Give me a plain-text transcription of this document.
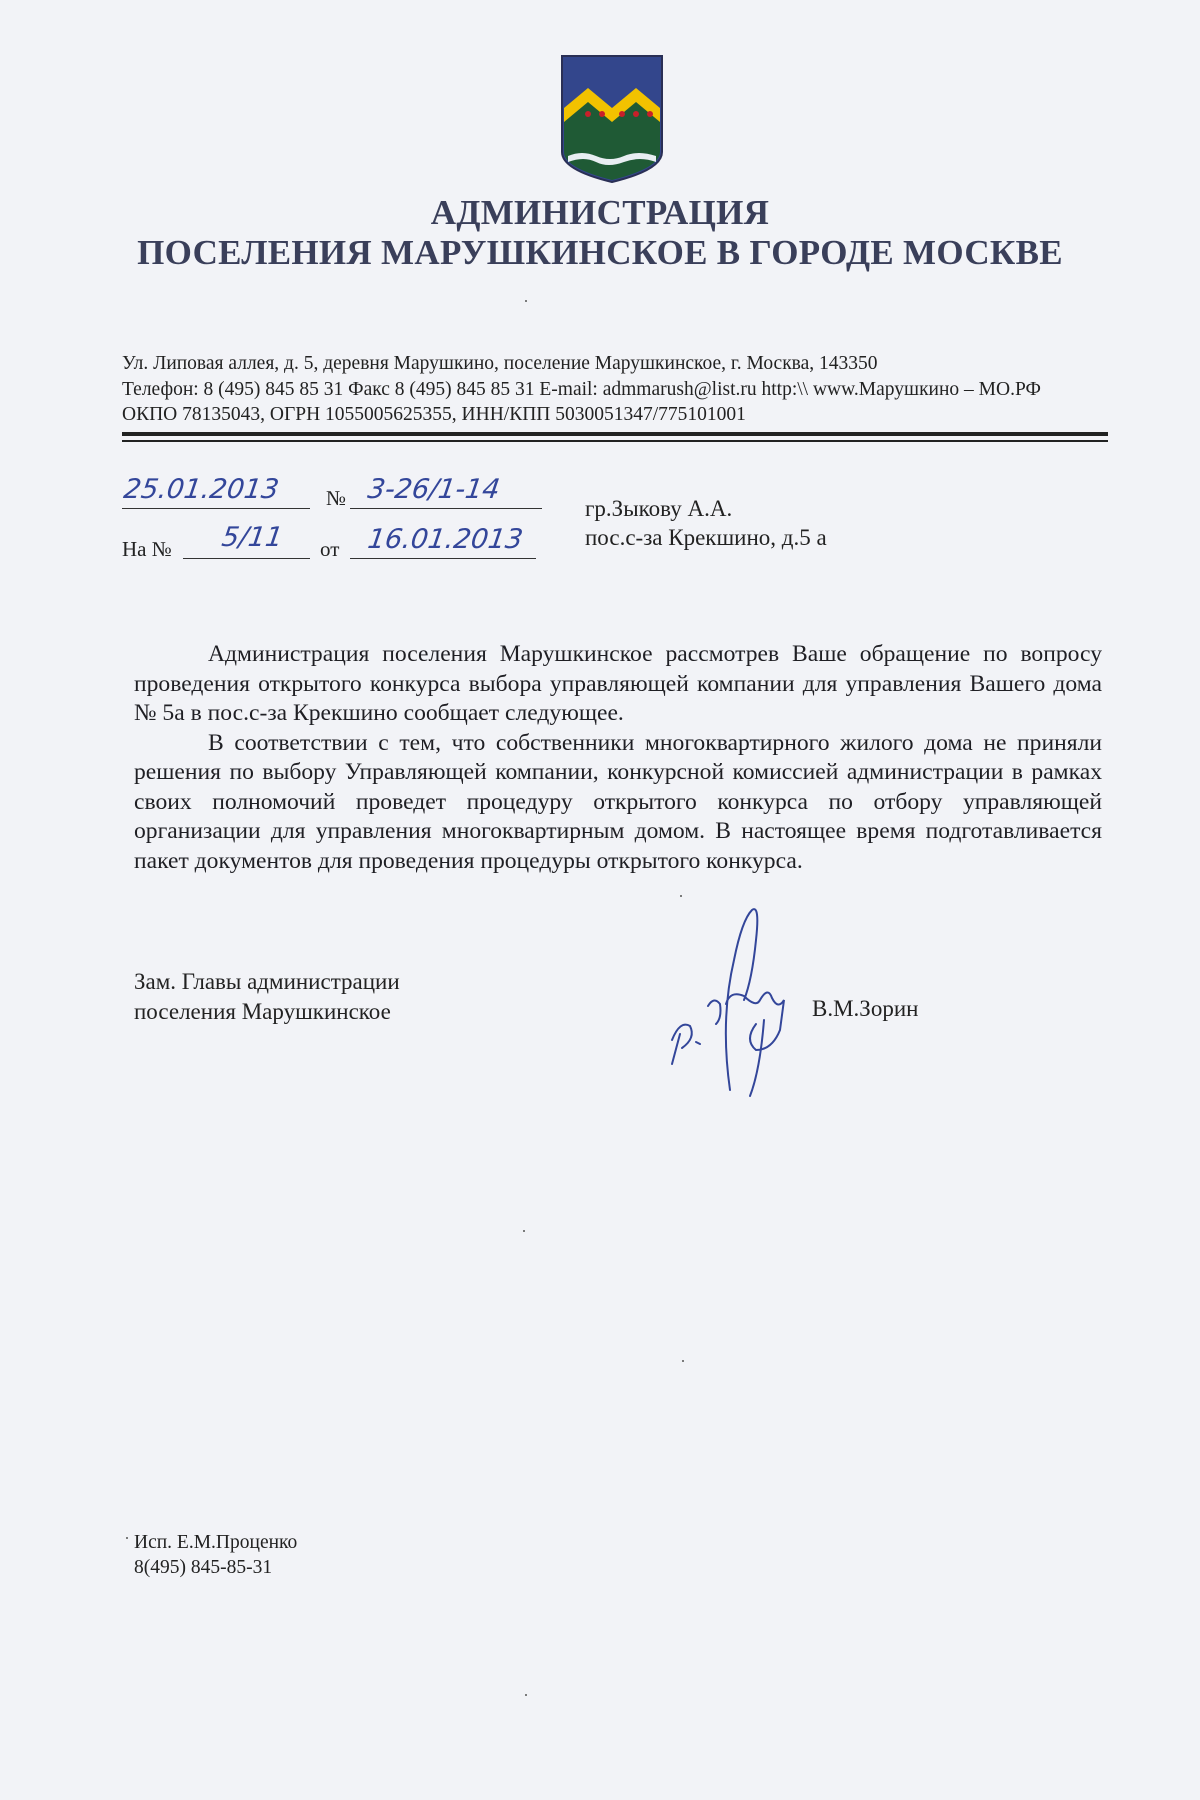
АДМИНИСТРАЦИЯ
ПОСЕЛЕНИЯ МАРУШКИНСКОЕ В ГОРОДЕ МОСКВЕ
Ул. Липовая аллея, д. 5, деревня Марушкино, поселение Марушкинское, г. Москва, 143350
Телефон: 8 (495) 845 85 31 Факс 8 (495) 845 85 31 E-mail: admmarush@list.ru http:\\ www.Марушкино – МО.РФ
ОКПО 78135043, ОГРН 1055005625355, ИНН/КПП 5030051347/775101001
25.01.2013 № 3-26/1-14
На № 5/11 от 16.01.2013
гр.Зыкову А.А.
пос.с-за Крекшино, д.5 а

Администрация поселения Марушкинское рассмотрев Ваше обращение по вопросу проведения открытого конкурса выбора управляющей компании для управления Вашего дома № 5а в пос.с-за Крекшино сообщает следующее.

В соответствии с тем, что собственники многоквартирного жилого дома не приняли решения по выбору Управляющей компании, конкурсной комиссией администрации в рамках своих полномочий проведет процедуру открытого конкурса по отбору управляющей организации для управления многоквартирным домом. В настоящее время подготавливается пакет документов для проведения процедуры открытого конкурса.

Зам. Главы администрации
поселения Марушкинское	В.М.Зорин
Исп. Е.М.Проценко
8(495) 845-85-31
